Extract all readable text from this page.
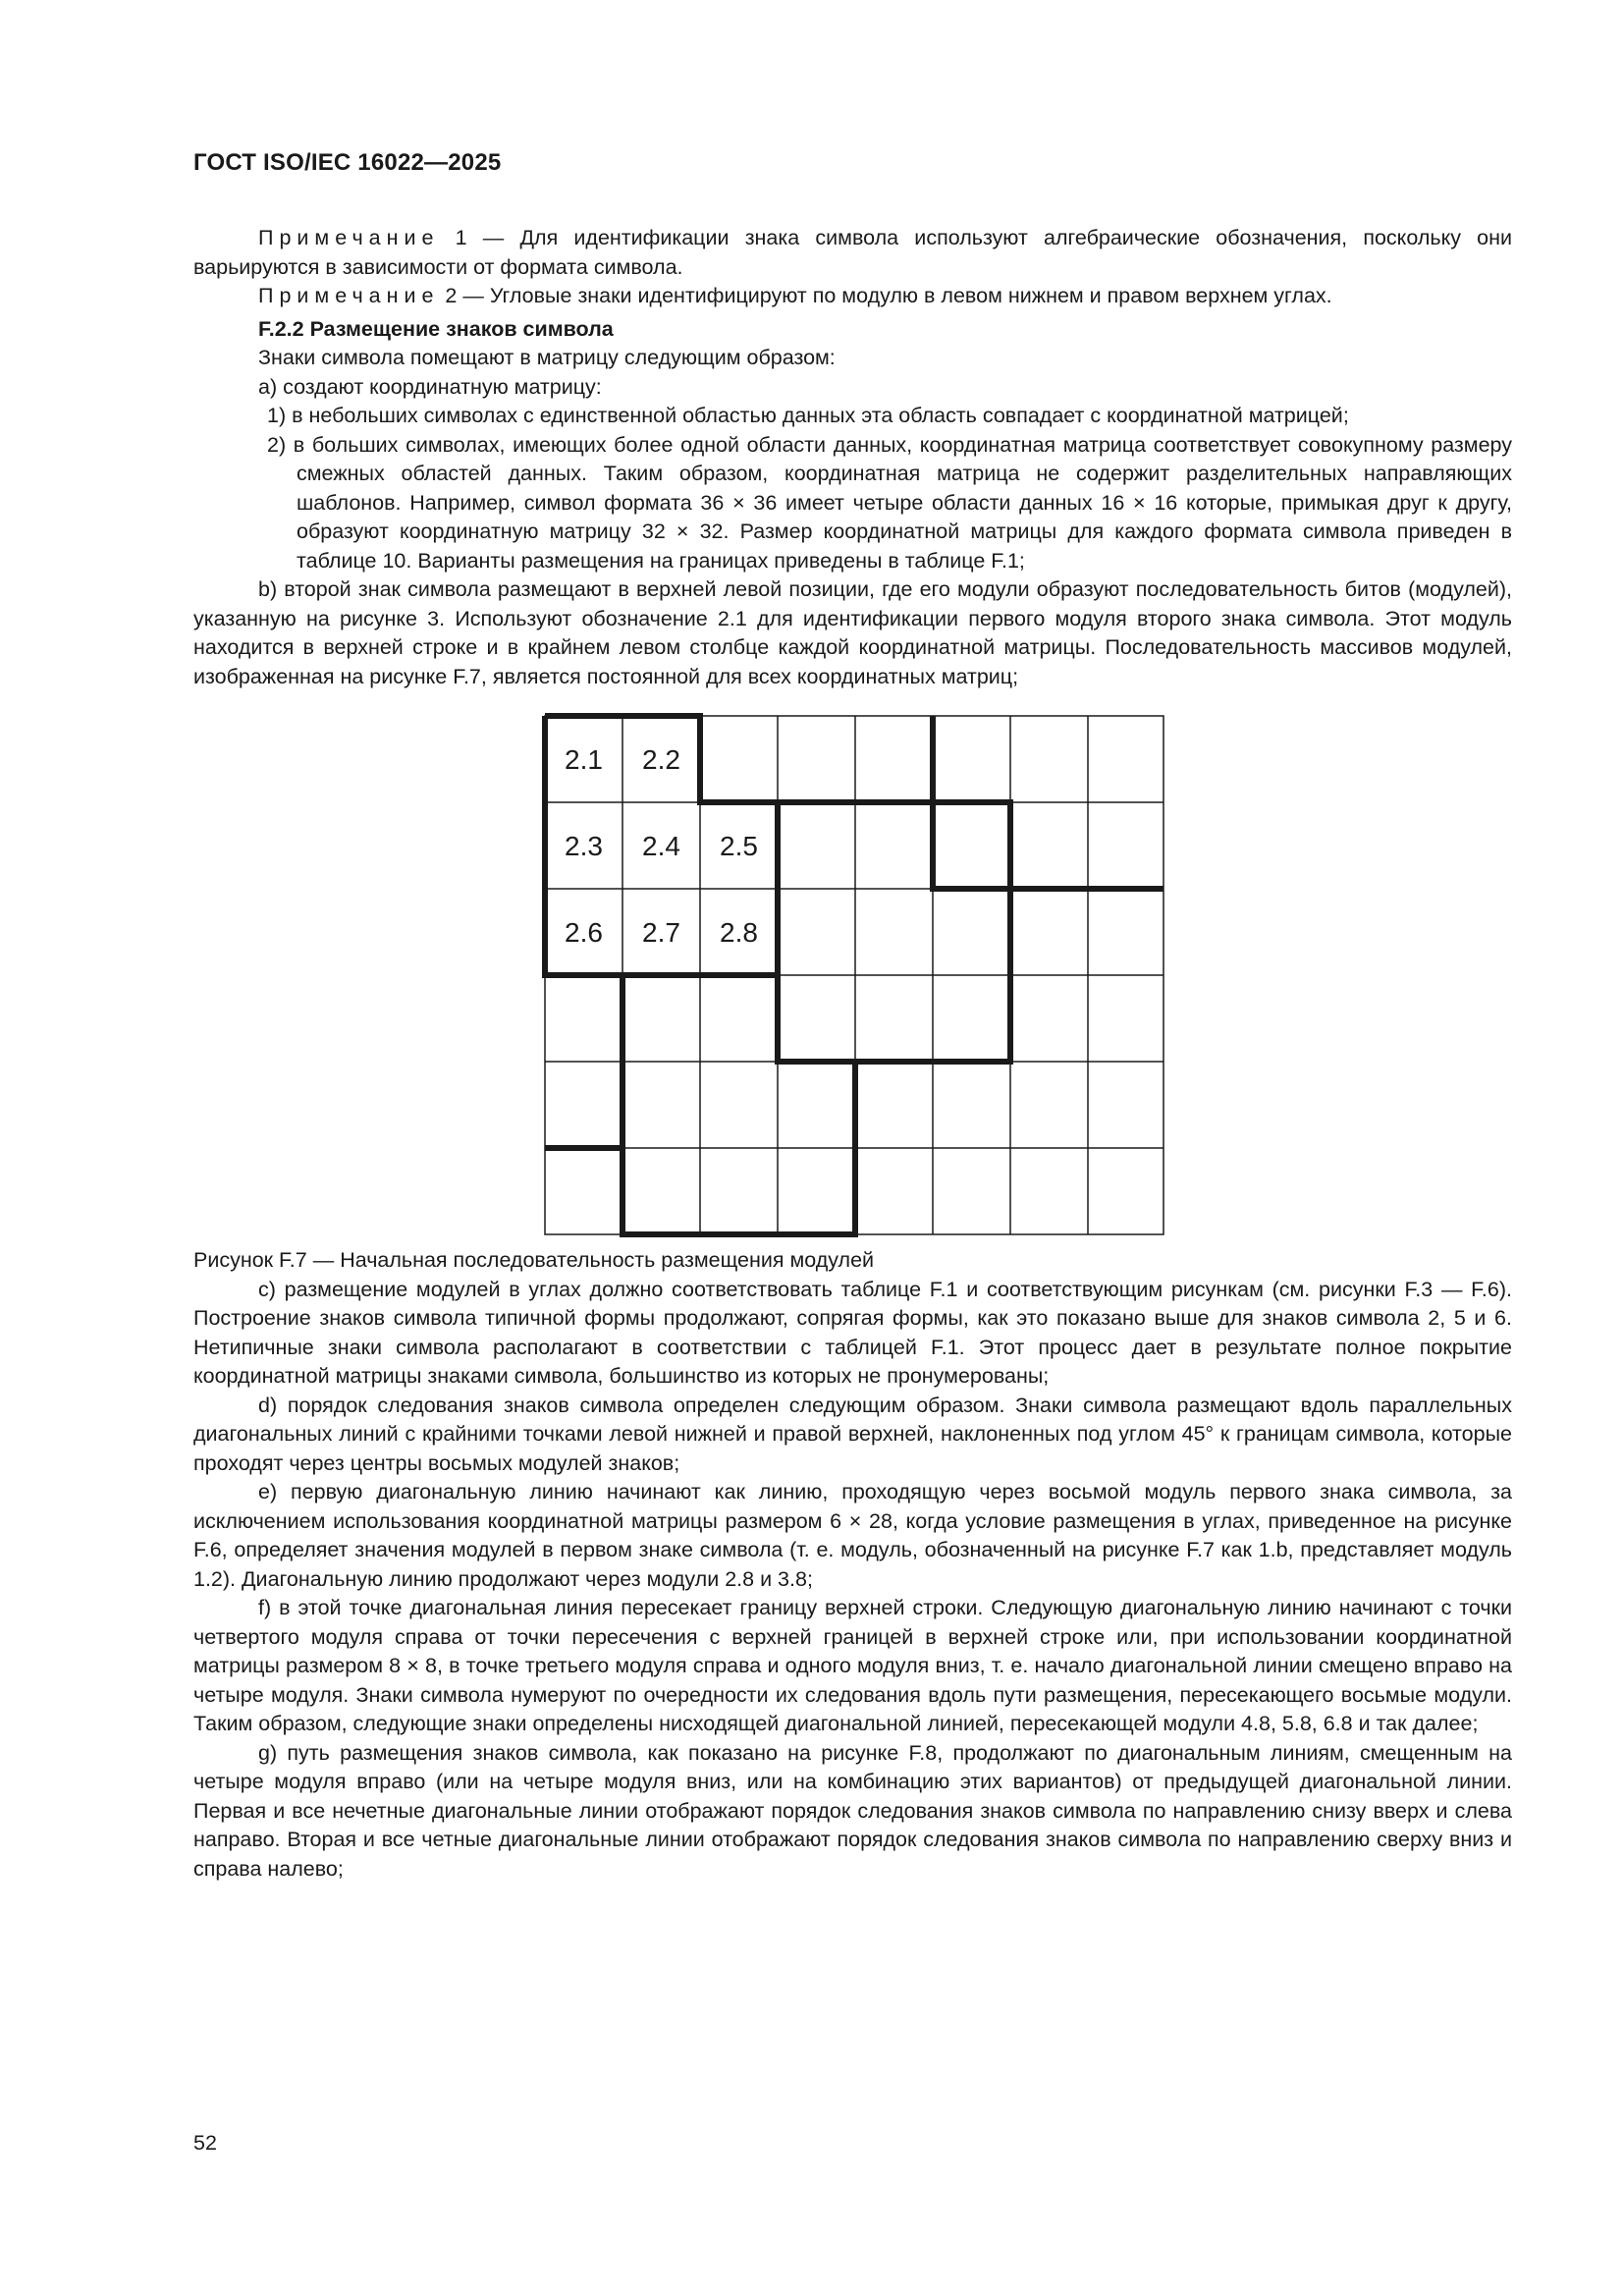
ГОСТ ISO/IEC 16022—2025

Примечание 1 — Для идентификации знака символа используют алгебраические обозначения, поскольку они варьируются в зависимости от формата символа.

Примечание 2 — Угловые знаки идентифицируют по модулю в левом нижнем и правом верхнем углах.

F.2.2 Размещение знаков символа

Знаки символа помещают в матрицу следующим образом:

a) создают координатную матрицу:

1) в небольших символах с единственной областью данных эта область совпадает с координатной матрицей;

2) в больших символах, имеющих более одной области данных, координатная матрица соответствует совокупному размеру смежных областей данных. Таким образом, координатная матрица не содержит разделительных направляющих шаблонов. Например, символ формата 36 × 36 имеет четыре области данных 16 × 16 которые, примыкая друг к другу, образуют координатную матрицу 32 × 32. Размер координатной матрицы для каждого формата символа приведен в таблице 10. Варианты размещения на границах приведены в таблице F.1;

b) второй знак символа размещают в верхней левой позиции, где его модули образуют последовательность битов (модулей), указанную на рисунке 3. Используют обозначение 2.1 для идентификации первого модуля второго знака символа. Этот модуль находится в верхней строке и в крайнем левом столбце каждой координатной матрицы. Последовательность массивов модулей, изображенная на рисунке F.7, является постоянной для всех координатных матриц;

2.1 2.2
2.3 2.4 2.5
2.6 2.7 2.8

Рисунок F.7 — Начальная последовательность размещения модулей

c) размещение модулей в углах должно соответствовать таблице F.1 и соответствующим рисункам (см. рисунки F.3 — F.6). Построение знаков символа типичной формы продолжают, сопрягая формы, как это показано выше для знаков символа 2, 5 и 6. Нетипичные знаки символа располагают в соответствии с таблицей F.1. Этот процесс дает в результате полное покрытие координатной матрицы знаками символа, большинство из которых не пронумерованы;

d) порядок следования знаков символа определен следующим образом. Знаки символа размещают вдоль параллельных диагональных линий с крайними точками левой нижней и правой верхней, наклоненных под углом 45° к границам символа, которые проходят через центры восьмых модулей знаков;

e) первую диагональную линию начинают как линию, проходящую через восьмой модуль первого знака символа, за исключением использования координатной матрицы размером 6 × 28, когда условие размещения в углах, приведенное на рисунке F.6, определяет значения модулей в первом знаке символа (т. е. модуль, обозначенный на рисунке F.7 как 1.b, представляет модуль 1.2). Диагональную линию продолжают через модули 2.8 и 3.8;

f) в этой точке диагональная линия пересекает границу верхней строки. Следующую диагональную линию начинают с точки четвертого модуля справа от точки пересечения с верхней границей в верхней строке или, при использовании координатной матрицы размером 8 × 8, в точке третьего модуля справа и одного модуля вниз, т. е. начало диагональной линии смещено вправо на четыре модуля. Знаки символа нумеруют по очередности их следования вдоль пути размещения, пересекающего восьмые модули. Таким образом, следующие знаки определены нисходящей диагональной линией, пересекающей модули 4.8, 5.8, 6.8 и так далее;

g) путь размещения знаков символа, как показано на рисунке F.8, продолжают по диагональным линиям, смещенным на четыре модуля вправо (или на четыре модуля вниз, или на комбинацию этих вариантов) от предыдущей диагональной линии. Первая и все нечетные диагональные линии отображают порядок следования знаков символа по направлению снизу вверх и слева направо. Вторая и все четные диагональные линии отображают порядок следования знаков символа по направлению сверху вниз и справа налево;

52
